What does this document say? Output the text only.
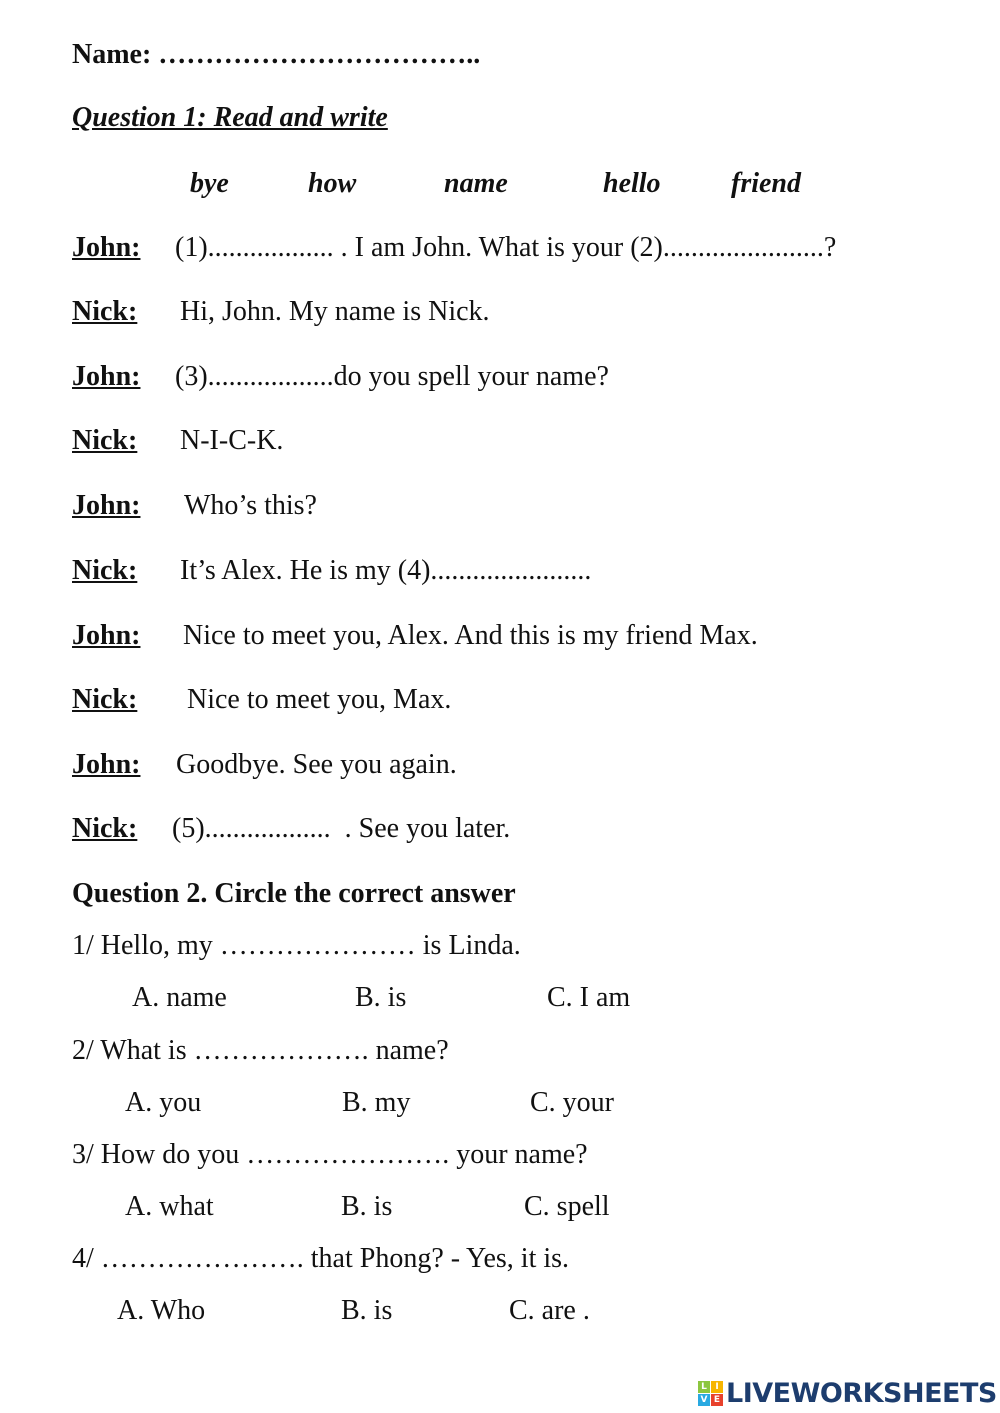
Name: ……………………………..
Question 1: Read and write
bye	how	name	hello	friend
John: (1).................. . I am John. What is your (2).......................?
Nick: Hi, John. My name is Nick.
John: (3)..................do you spell your name?
Nick: N-I-C-K.
John: Who’s this?
Nick: It’s Alex. He is my (4).......................
John: Nice to meet you, Alex. And this is my friend Max.
Nick: Nice to meet you, Max.
John: Goodbye. See you again.
Nick: (5)..................  . See you later.
Question 2. Circle the correct answer
1/ Hello, my ………………… is Linda.
A. name	B. is	C. I am
2/ What is ………………. name?
A. you	B. my	C. your
3/ How do you …………………. your name?
A. what	B. is	C. spell
4/ …………………. that Phong? - Yes, it is.
A. Who	B. is	C. are .
L I
V E LIVEWORKSHEETS
